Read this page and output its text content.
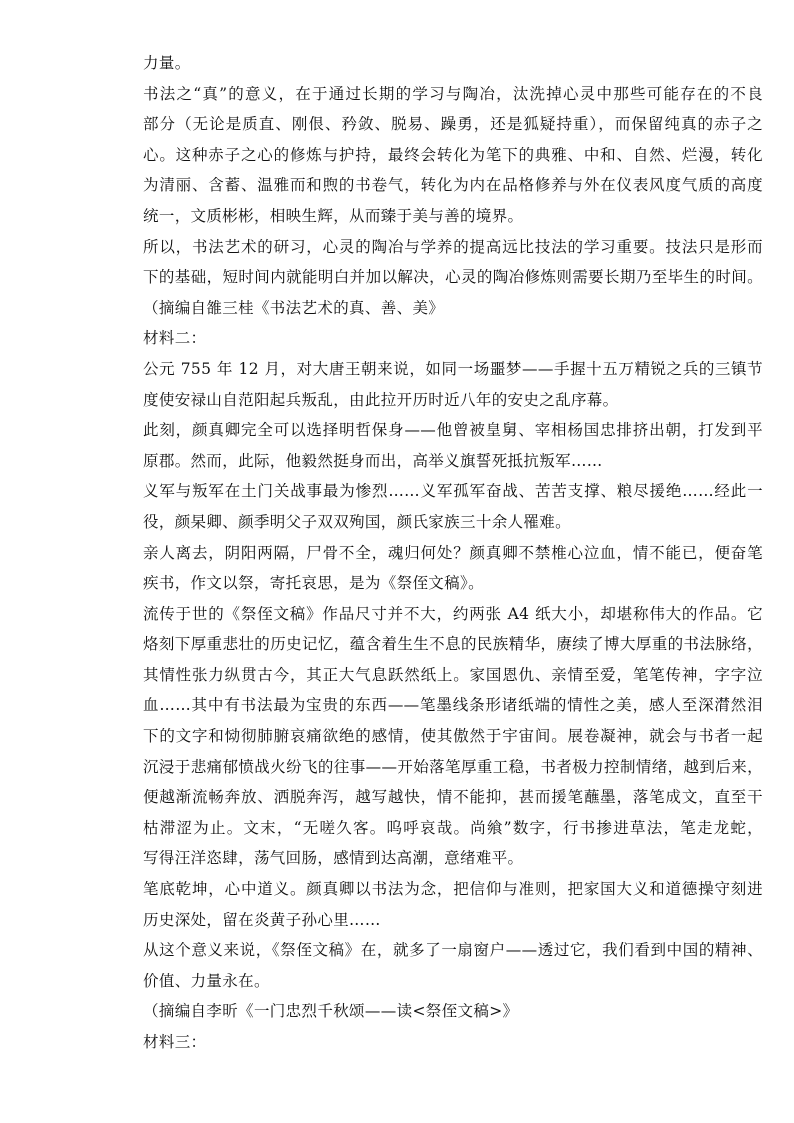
力量。
书法之“真”的意义，在于通过长期的学习与陶冶，汰洗掉心灵中那些可能存在的不良
部分（无论是质直、刚佷、矜敛、脱易、躁勇，还是狐疑持重），而保留纯真的赤子之
心。这种赤子之心的修炼与护持，最终会转化为笔下的典雅、中和、自然、烂漫，转化
为清丽、含蓄、温雅而和煦的书卷气，转化为内在品格修养与外在仪表风度气质的高度
统一，文质彬彬，相映生辉，从而臻于美与善的境界。
所以，书法艺术的研习，心灵的陶冶与学养的提高远比技法的学习重要。技法只是形而
下的基础，短时间内就能明白并加以解决，心灵的陶冶修炼则需要长期乃至毕生的时间。
（摘编自雒三桂《书法艺术的真、善、美》
材料二：
公元 755 年 12 月，对大唐王朝来说，如同一场噩梦——手握十五万精锐之兵的三镇节
度使安禄山自范阳起兵叛乱，由此拉开历时近八年的安史之乱序幕。
此刻，颜真卿完全可以选择明哲保身——他曾被皇舅、宰相杨国忠排挤出朝，打发到平
原郡。然而，此际，他毅然挺身而出，高举义旗誓死抵抗叛军……
义军与叛军在土门关战事最为惨烈……义军孤军奋战、苦苦支撑、粮尽援绝……经此一
役，颜杲卿、颜季明父子双双殉国，颜氏家族三十余人罹难。
亲人离去，阴阳两隔，尸骨不全，魂归何处？颜真卿不禁椎心泣血，情不能已，便奋笔
疾书，作文以祭，寄托哀思，是为《祭侄文稿》。
流传于世的《祭侄文稿》作品尺寸并不大，约两张 A4 纸大小，却堪称伟大的作品。它
烙刻下厚重悲壮的历史记忆，蕴含着生生不息的民族精华，赓续了博大厚重的书法脉络，
其情性张力纵贯古今，其正大气息跃然纸上。家国恩仇、亲情至爱，笔笔传神，字字泣
血……其中有书法最为宝贵的东西——笔墨线条形诸纸端的情性之美，感人至深潸然泪
下的文字和恸彻肺腑哀痛欲绝的感情，使其傲然于宇宙间。展卷凝神，就会与书者一起
沉浸于悲痛郁愤战火纷飞的往事——开始落笔厚重工稳，书者极力控制情绪，越到后来，
便越渐流畅奔放、洒脱奔泻，越写越快，情不能抑，甚而援笔蘸墨，落笔成文，直至干
枯滞涩为止。文末，“无嗟久客。呜呼哀哉。尚飨”数字，行书掺进草法，笔走龙蛇，
写得汪洋恣肆，荡气回肠，感情到达高潮，意绪难平。
笔底乾坤，心中道义。颜真卿以书法为念，把信仰与准则，把家国大义和道德操守刻进
历史深处，留在炎黄子孙心里……
从这个意义来说，《祭侄文稿》在，就多了一扇窗户——透过它，我们看到中国的精神、
价值、力量永在。
（摘编自李昕《一门忠烈千秋颂——读<祭侄文稿>》
材料三：
